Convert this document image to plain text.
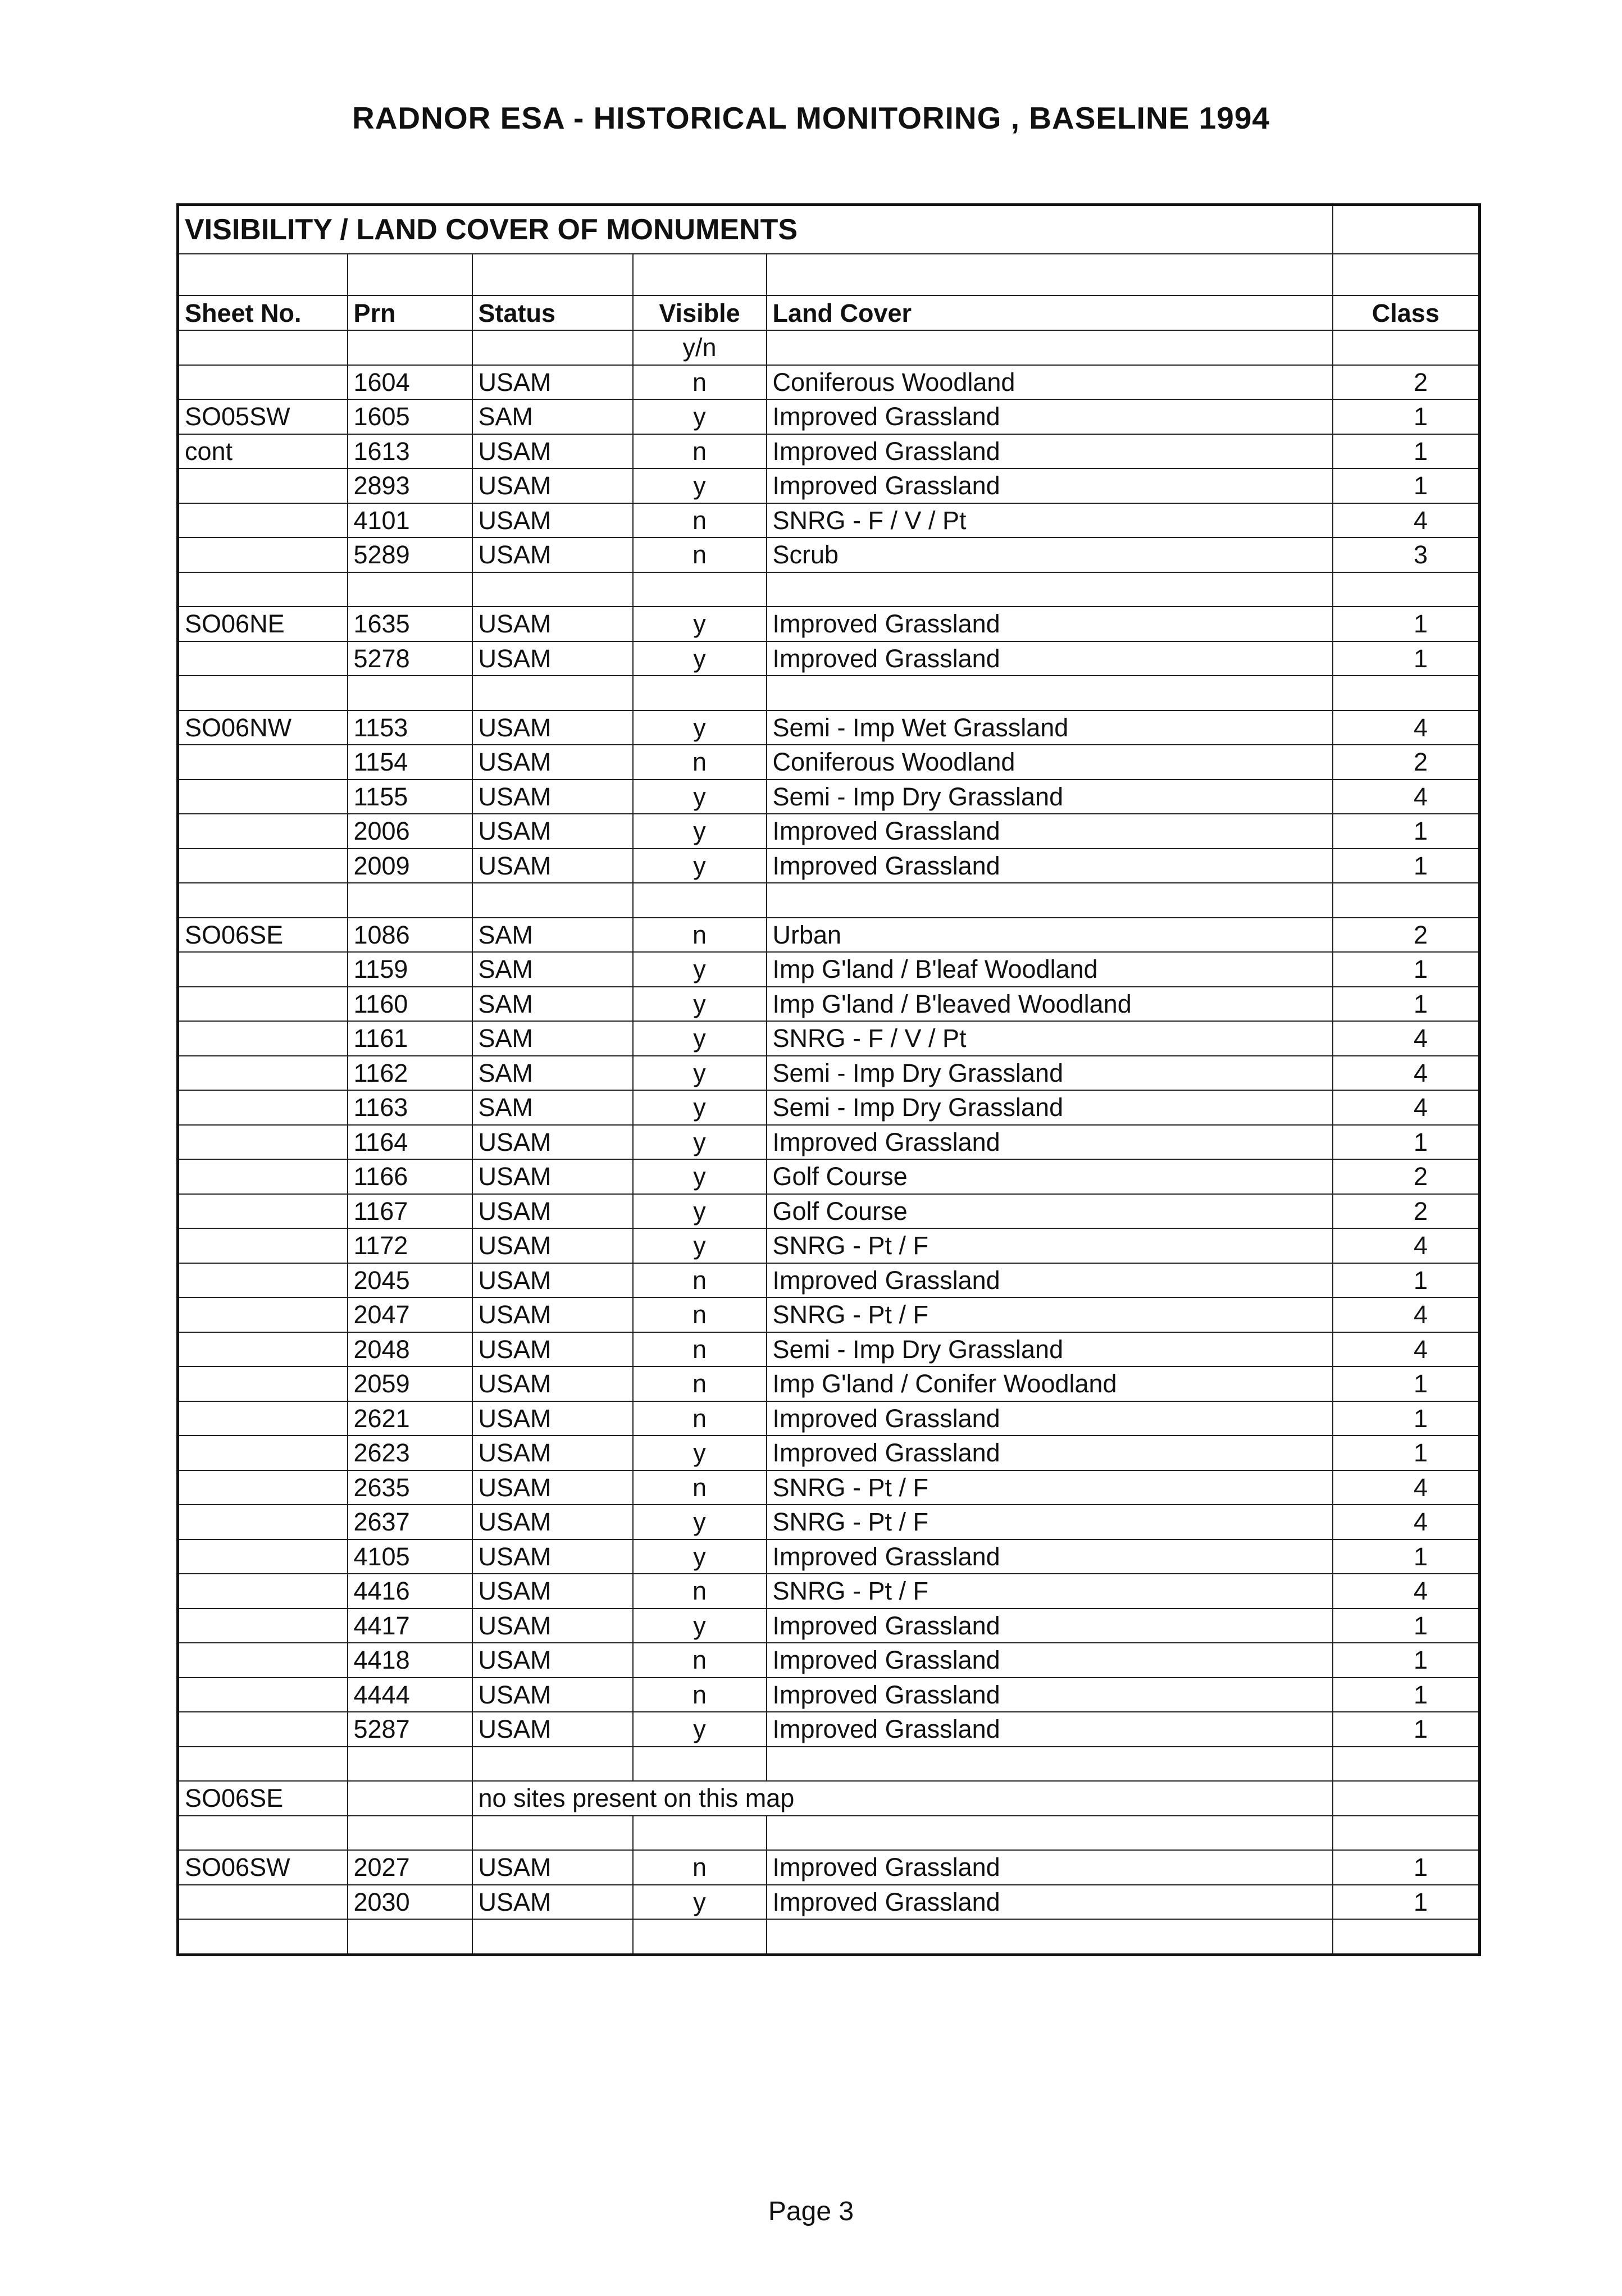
RADNOR ESA - HISTORICAL MONITORING , BASELINE 1994
VISIBILITY / LAND COVER OF MONUMENTS					

Sheet No.	Prn	Status	Visible	Land Cover	Class
			y/n		
	1604	USAM	n	Coniferous Woodland	2
SO05SW	1605	SAM	y	Improved Grassland	1
cont	1613	USAM	n	Improved Grassland	1
	2893	USAM	y	Improved Grassland	1
	4101	USAM	n	SNRG - F / V / Pt	4
	5289	USAM	n	Scrub	3

SO06NE	1635	USAM	y	Improved Grassland	1
	5278	USAM	y	Improved Grassland	1

SO06NW	1153	USAM	y	Semi - Imp Wet Grassland	4
	1154	USAM	n	Coniferous Woodland	2
	1155	USAM	y	Semi - Imp Dry Grassland	4
	2006	USAM	y	Improved Grassland	1
	2009	USAM	y	Improved Grassland	1

SO06SE	1086	SAM	n	Urban	2
	1159	SAM	y	Imp G'land / B'leaf Woodland	1
	1160	SAM	y	Imp G'land / B'leaved Woodland	1
	1161	SAM	y	SNRG - F / V / Pt	4
	1162	SAM	y	Semi - Imp Dry Grassland	4
	1163	SAM	y	Semi - Imp Dry Grassland	4
	1164	USAM	y	Improved Grassland	1
	1166	USAM	y	Golf Course	2
	1167	USAM	y	Golf Course	2
	1172	USAM	y	SNRG - Pt / F	4
	2045	USAM	n	Improved Grassland	1
	2047	USAM	n	SNRG - Pt / F	4
	2048	USAM	n	Semi - Imp Dry Grassland	4
	2059	USAM	n	Imp G'land / Conifer Woodland	1
	2621	USAM	n	Improved Grassland	1
	2623	USAM	y	Improved Grassland	1
	2635	USAM	n	SNRG - Pt / F	4
	2637	USAM	y	SNRG - Pt / F	4
	4105	USAM	y	Improved Grassland	1
	4416	USAM	n	SNRG - Pt / F	4
	4417	USAM	y	Improved Grassland	1
	4418	USAM	n	Improved Grassland	1
	4444	USAM	n	Improved Grassland	1
	5287	USAM	y	Improved Grassland	1

SO06SE		no sites present on this map			

SO06SW	2027	USAM	n	Improved Grassland	1
	2030	USAM	y	Improved Grassland	1

Page 3
